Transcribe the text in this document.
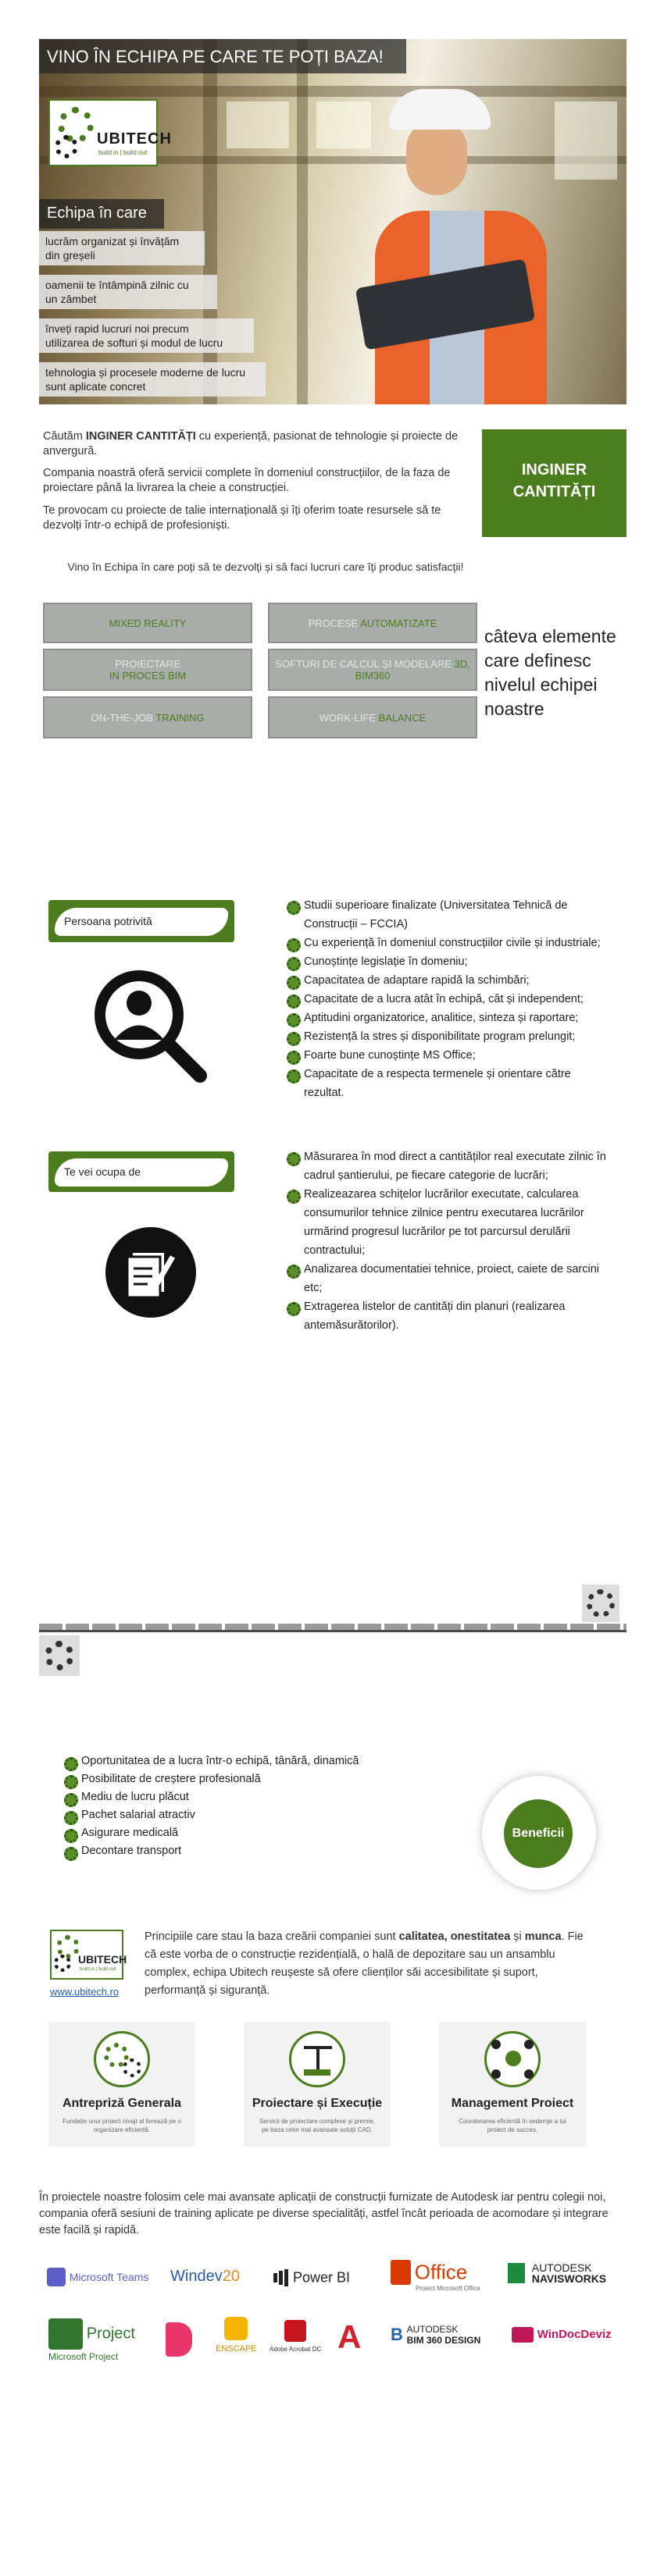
VINO ÎN ECHIPA PE CARE TE POȚI BAZA!
UBITECH
build in | build out
Echipa în care
lucrăm organizat și învățăm
din greșeli
oamenii te întâmpină zilnic cu
un zâmbet
înveți rapid lucruri noi precum
utilizarea de softuri și modul de lucru
tehnologia și procesele moderne de lucru
sunt aplicate concret

Căutăm INGINER CANTITĂȚI cu experiență, pasionat de tehnologie și proiecte de anvergură.

Compania noastră oferă servicii complete în domeniul construcțiilor, de la faza de proiectare până la livrarea la cheie a construcției.

Te provocam cu proiecte de talie internațională și îți oferim toate resursele să te dezvolți într-o echipă de profesioniști.

INGINER
CANTITĂȚI
Vino în Echipa în care poți să te dezvolți și să faci lucruri care îți produc satisfacții!
MIXED REALITY	PROCESE AUTOMATIZATE
PROIECTARE
IN PROCES BIM
SOFTURI DE CALCUL ȘI MODELARE 3D,
BIM360
ON-THE-JOB TRAINING	WORK-LIFE BALANCE
câteva elemente care definesc nivelul echipei noastre
Persoana potrivită
Studii superioare finalizate (Universitatea Tehnică de Construcții – FCCIA)
Cu experiență în domeniul construcțiilor civile și industriale;
Cunoștințe legislație în domeniu;
Capacitatea de adaptare rapidă la schimbări;
Capacitate de a lucra atât în echipă, cât și independent;
Aptitudini organizatorice, analitice, sinteza și raportare;
Rezistență la stres și disponibilitate program prelungit;
Foarte bune cunoștințe MS Office;
Capacitate de a respecta termenele și orientare către rezultat.
Te vei ocupa de
Măsurarea în mod direct a cantităților real executate zilnic în cadrul șantierului, pe fiecare categorie de lucrări;
Realizeazarea schițelor lucrărilor executate, calcularea consumurilor tehnice zilnice pentru executarea lucrărilor urmărind progresul lucrărilor pe tot parcursul derulării contractului;
Analizarea documentatiei tehnice, proiect, caiete de sarcini etc;
Extragerea listelor de cantități din planuri (realizarea antemăsurătorilor).
Oportunitatea de a lucra într-o echipă, tânără, dinamică
Posibilitate de creștere profesională
Mediu de lucru plăcut
Pachet salarial atractiv
Asigurare medicală
Decontare transport
Beneficii
UBITECH
build in | build out
www.ubitech.ro

Principiile care stau la baza creării companiei sunt calitatea, onestitatea și munca. Fie că este vorba de o construcție rezidențială, o hală de depozitare sau un ansamblu complex, echipa Ubitech reușeste să ofere clienților săi accesibilitate și suport, performanță și siguranță.

Antrepriză Generala
Fundație unui proiect nivajt al livrează pe o organizare eficientă.
Proiectare și Execuție
Servicii de proiectare complexe și premie, pe baza celor mai avansate soluții CAD.
Management Proiect
Coordonarea eficientă în sedemje a tui proiect de succes.

În proiectele noastre folosim cele mai avansate aplicații de construcții furnizate de Autodesk iar pentru colegii noi, compania oferă sesiuni de training aplicate pe diverse specialități, astfel încât perioada de acomodare și integrare este facilă și rapidă.

Microsoft Teams Windev20	Power BI	Office
Proiect Microsoft Office
AUTODESK
NAVISWORKS
Project
Microsoft Project
ENSCAPE Adobe Acrobat DC A B AUTODESK
BIM 360 DESIGN	WinDocDeviz
